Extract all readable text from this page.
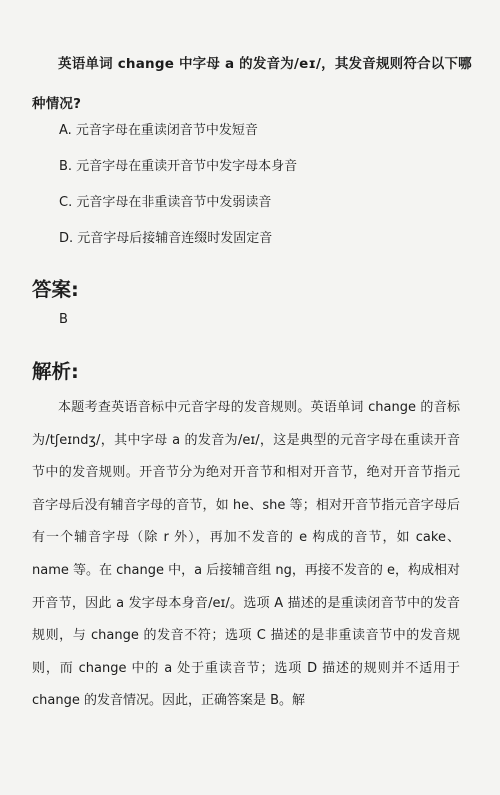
英语单词 change 中字母 a 的发音为/eɪ/，其发音规则符合以下哪种情况?
A. 元音字母在重读闭音节中发短音
B. 元音字母在重读开音节中发字母本身音
C. 元音字母在非重读音节中发弱读音
D. 元音字母后接辅音连缀时发固定音
答案:
B
解析:
本题考查英语音标中元音字母的发音规则。英语单词 change 的音标为/tʃeɪndʒ/，其中字母 a 的发音为/eɪ/，这是典型的元音字母在重读开音节中的发音规则。开音节分为绝对开音节和相对开音节，绝对开音节指元音字母后没有辅音字母的音节，如 he、she 等；相对开音节指元音字母后有一个辅音字母（除 r 外），再加不发音的 e 构成的音节，如 cake、name 等。在 change 中，a 后接辅音组 ng，再接不发音的 e，构成相对开音节，因此 a 发字母本身音/eɪ/。选项 A 描述的是重读闭音节中的发音规则，与 change 的发音不符；选项 C 描述的是非重读音节中的发音规则，而 change 中的 a 处于重读音节；选项 D 描述的规则并不适用于 change 的发音情况。因此，正确答案是 B。解
